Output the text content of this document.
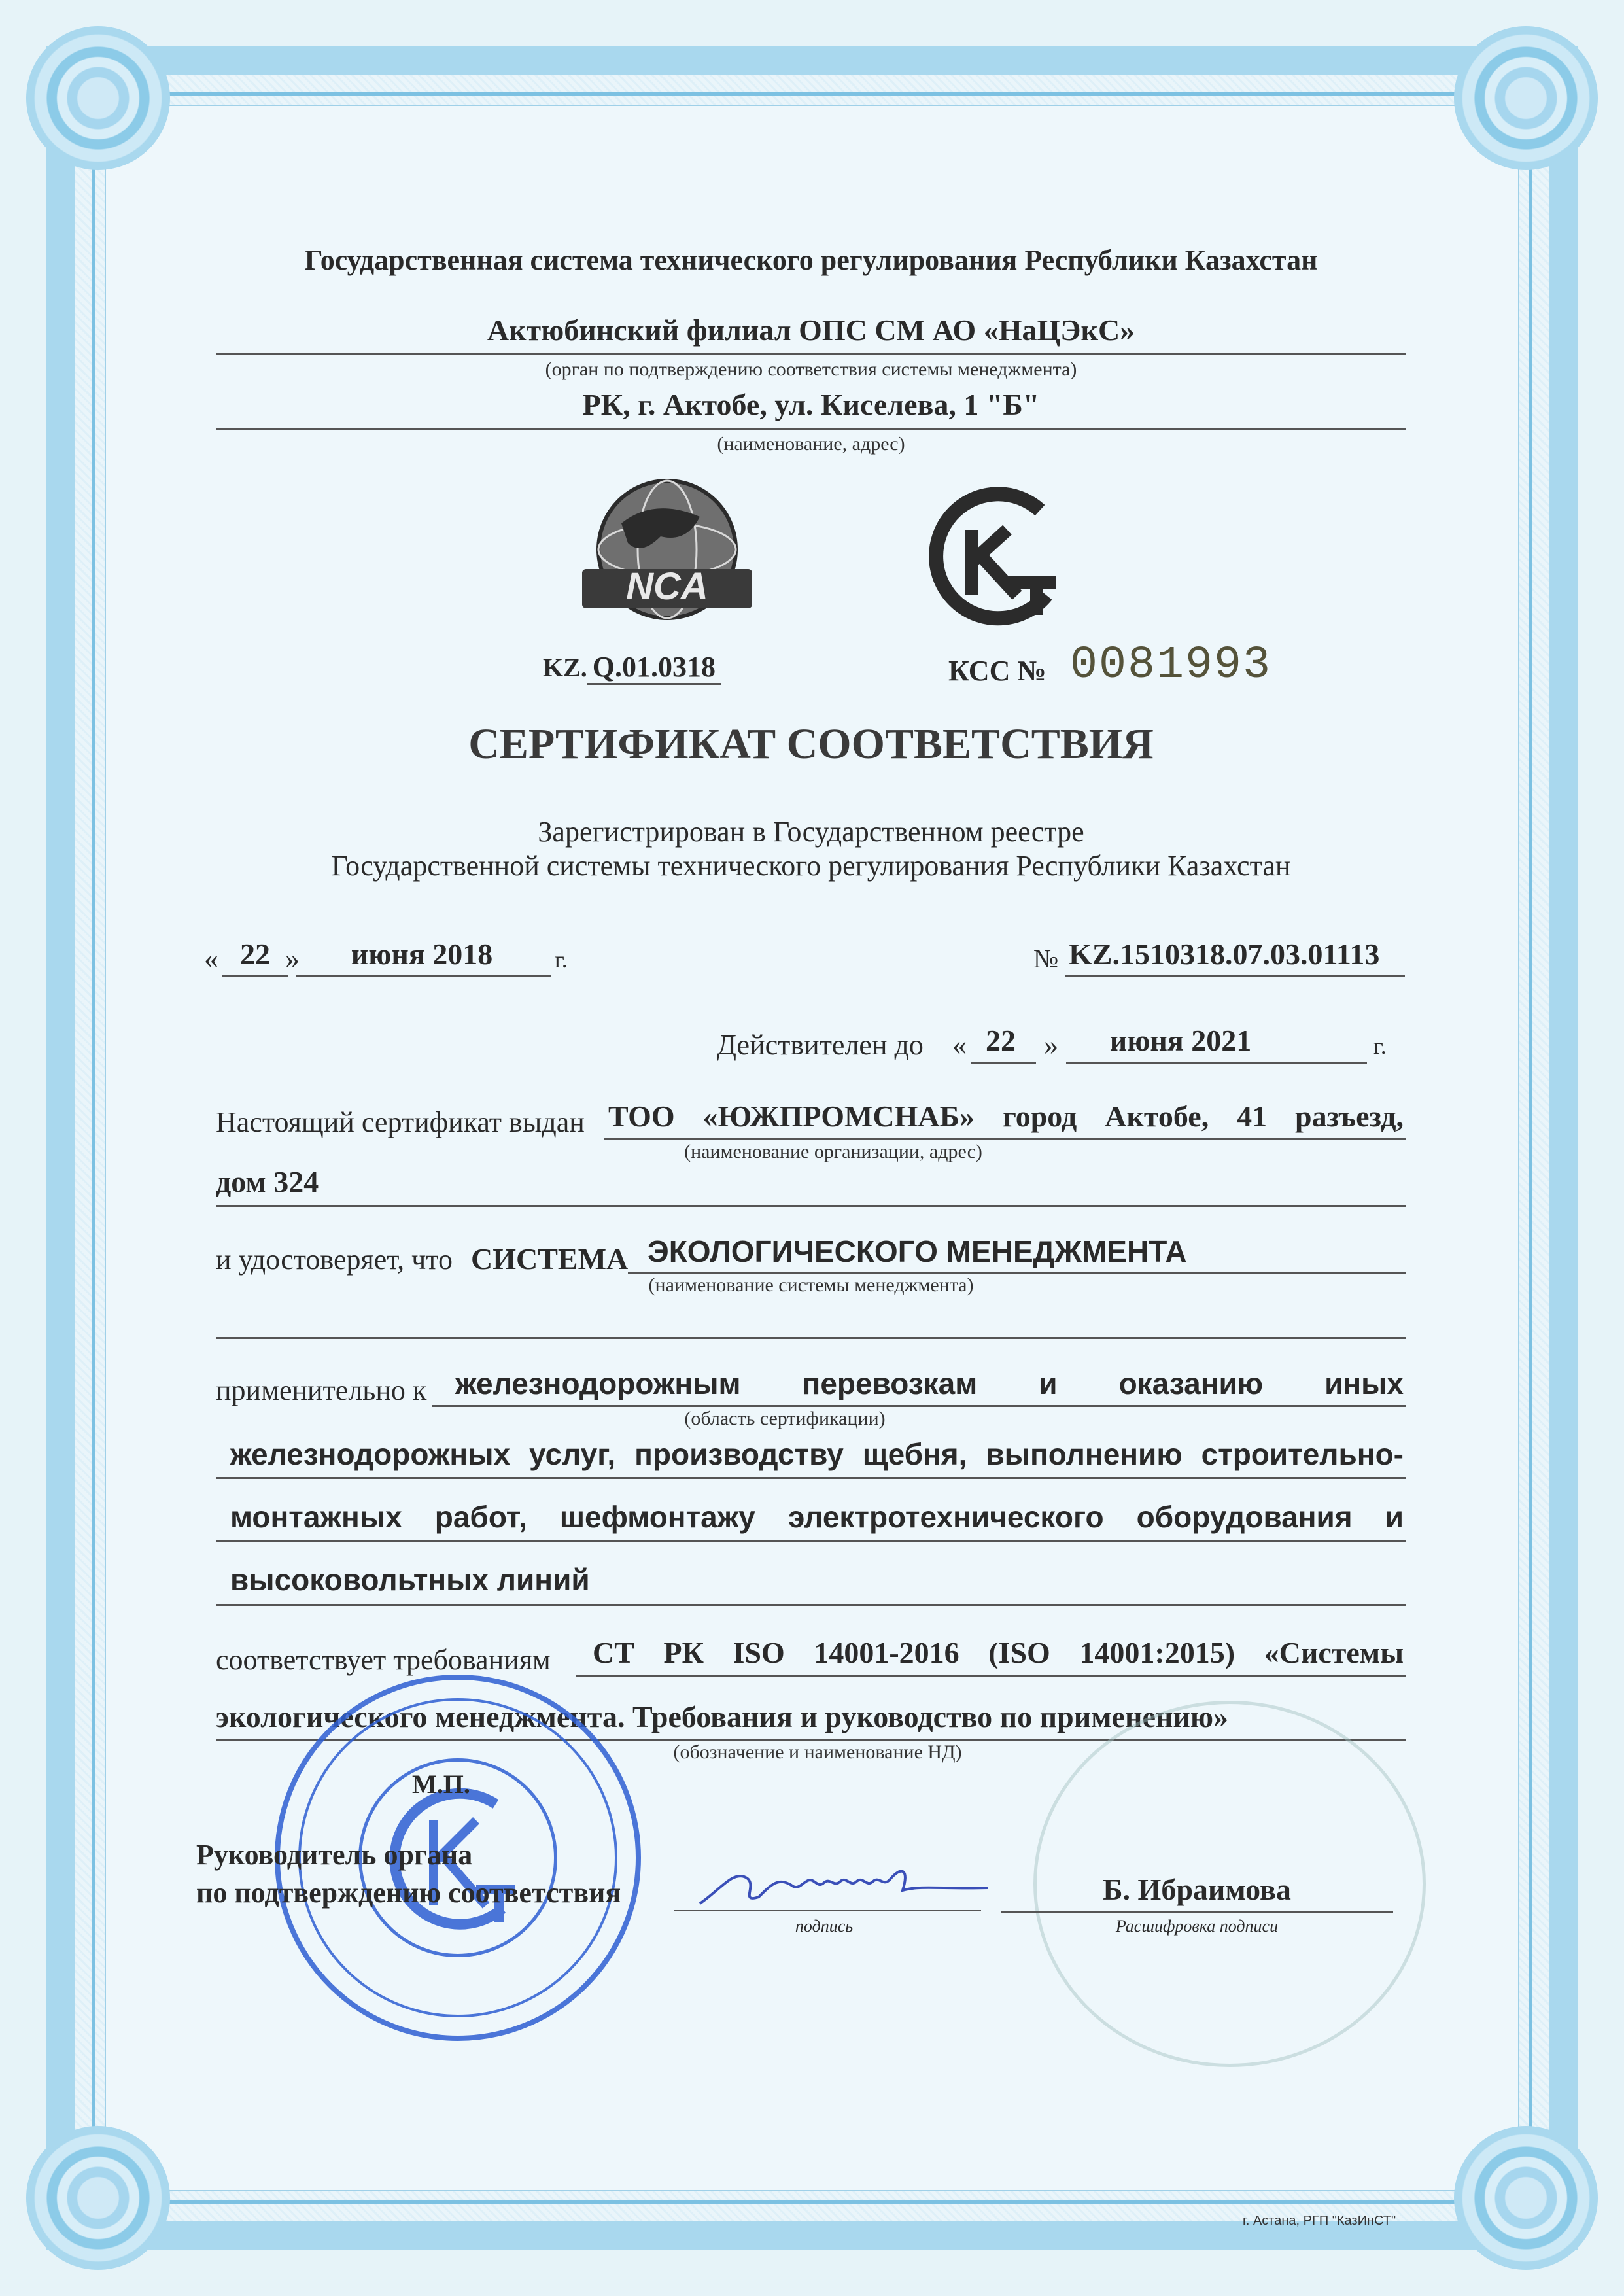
Государственная система технического регулирования Республики Казахстан
Актюбинский филиал ОПС СМ АО «НаЦЭкС»
(орган по подтверждению соответствия системы менеджмента)
РК, г. Актобе, ул. Киселева, 1 "Б"
(наименование, адрес)
NCA
KZ. Q.01.0318	КСС № 0081993
СЕРТИФИКАТ СООТВЕТСТВИЯ
Зарегистрирован в Государственном реестре
Государственной системы технического регулирования Республики Казахстан
« 22 »	июня 2018	г.	№ KZ.1510318.07.03.01113
Действителен до « 22 »	июня 2021	г.
Настоящий сертификат выдан ТОО «ЮЖПРОМСНАБ» город Актобе, 41 разъезд,
(наименование организации, адрес)
дом 324
и удостоверяет, что СИСТЕМА ЭКОЛОГИЧЕСКОГО МЕНЕДЖМЕНТА
(наименование системы менеджмента)
применительно к железнодорожным перевозкам и оказанию иных
(область сертификации)
железнодорожных услуг, производству щебня, выполнению строительно-
монтажных работ, шефмонтажу электротехнического оборудования и
высоковольтных линий
соответствует требованиям СТ РК ISO 14001-2016 (ISO 14001:2015) «Системы
экологического менеджмента. Требования и руководство по применению»
(обозначение и наименование НД)
М.П.
Руководитель органа
по подтверждению соответствия
подпись
Б. Ибраимова
Расшифровка подписи
г. Астана, РГП "КазИнСТ"
